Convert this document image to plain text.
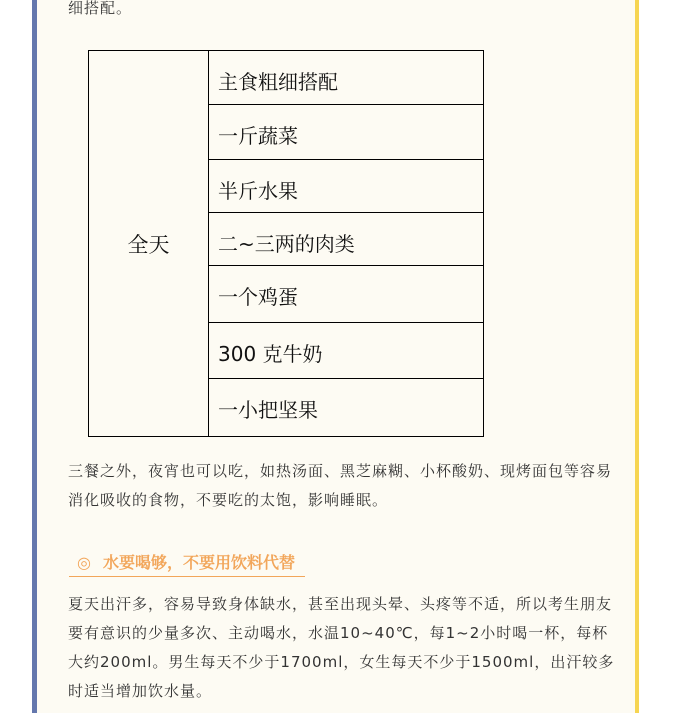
细搭配。

全天	主食粗细搭配
一斤蔬菜
半斤水果
二~三两的肉类
一个鸡蛋
300 克牛奶
一小把坚果

三餐之外，夜宵也可以吃，如热汤面、黑芝麻糊、小杯酸奶、现烤面包等容易消化吸收的食物，不要吃的太饱，影响睡眠。

◎ 水要喝够，不要用饮料代替

夏天出汗多，容易导致身体缺水，甚至出现头晕、头疼等不适，所以考生朋友要有意识的少量多次、主动喝水，水温10~40℃，每1~2小时喝一杯，每杯大约200ml。男生每天不少于1700ml，女生每天不少于1500ml，出汗较多时适当增加饮水量。
